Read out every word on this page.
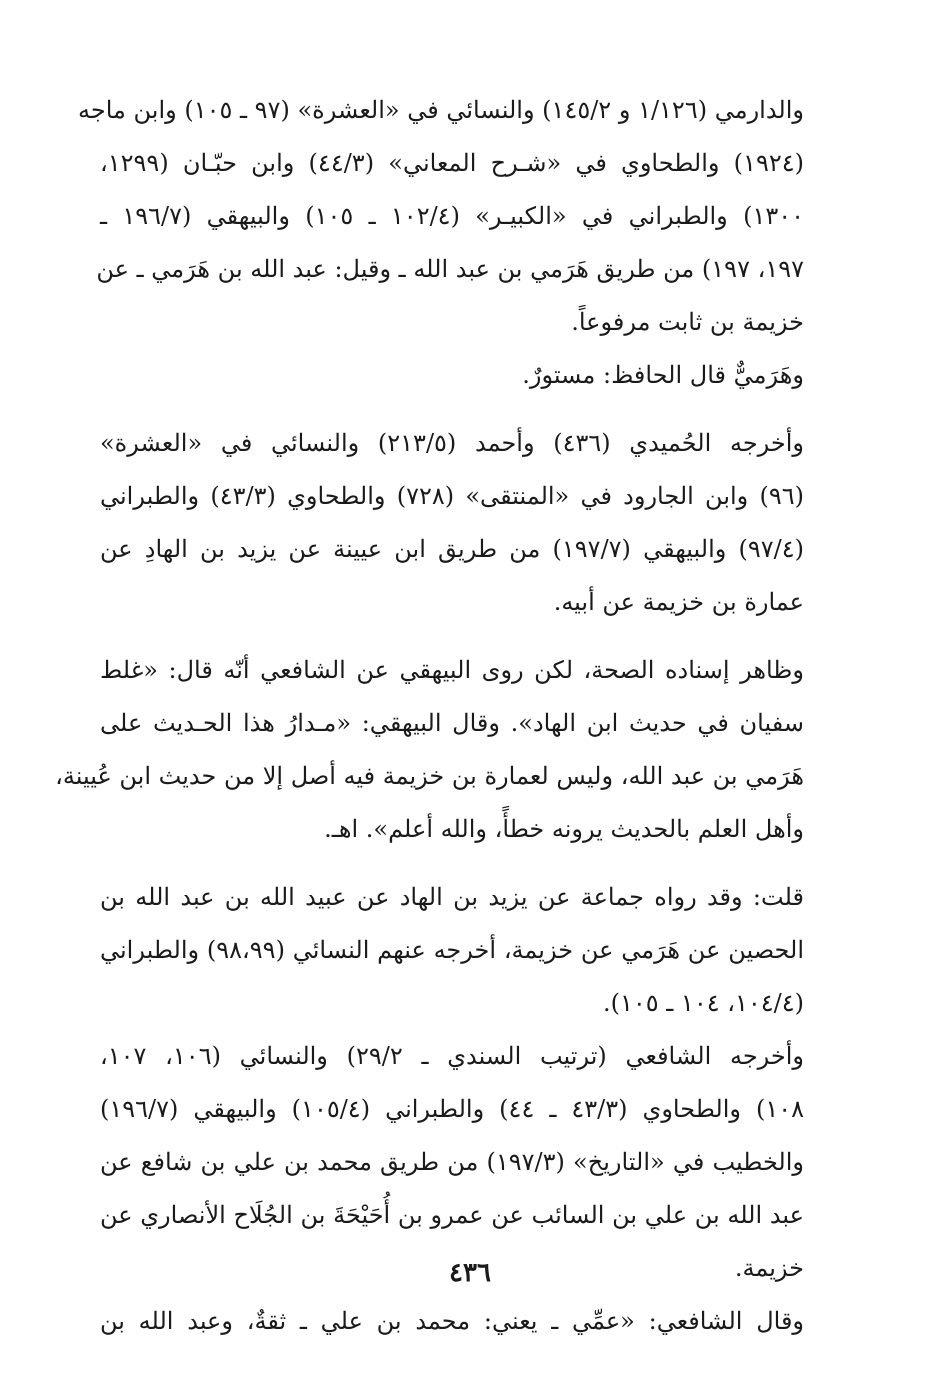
والدارمي (١/١٢٦ و ١٤٥/٢) والنسائي في «العشرة» (٩٧ ـ ١٠٥) وابن ماجه
(١٩٢٤) والطحاوي في «شـرح المعاني» (٤٤/٣) وابن حبّـان (١٢٩٩،
١٣٠٠) والطبراني في «الكبيـر» (١٠٢/٤ ـ ١٠٥) والبيهقي (١٩٦/٧ ـ
١٩٧، ١٩٧) من طريق هَرَمي بن عبد الله ـ وقيل: عبد الله بن هَرَمي ـ عن
خزيمة بن ثابت مرفوعاً.
وهَرَميٌّ قال الحافظ: مستورٌ.
وأخرجه الحُميدي (٤٣٦) وأحمد (٢١٣/٥) والنسائي في «العشرة»
(٩٦) وابن الجارود في «المنتقى» (٧٢٨) والطحاوي (٤٣/٣) والطبراني
(٩٧/٤) والبيهقي (١٩٧/٧) من طريق ابن عيينة عن يزيد بن الهادِ عن
عمارة بن خزيمة عن أبيه.
وظاهر إسناده الصحة، لكن روى البيهقي عن الشافعي أنّه قال: «غلط
سفيان في حديث ابن الهاد». وقال البيهقي: «مـدارُ هذا الحـديث على
هَرَمي بن عبد الله، وليس لعمارة بن خزيمة فيه أصل إلا من حديث ابن عُيينة،
وأهل العلم بالحديث يرونه خطأً، والله أعلم». اهـ.
قلت: وقد رواه جماعة عن يزيد بن الهاد عن عبيد الله بن عبد الله بن
الحصين عن هَرَمي عن خزيمة، أخرجه عنهم النسائي (٩٨،٩٩) والطبراني
(١٠٤/٤، ١٠٤ ـ ١٠٥).
وأخرجه الشافعي (ترتيب السندي ـ ٢٩/٢) والنسائي (١٠٦، ١٠٧،
١٠٨) والطحاوي (٤٣/٣ ـ ٤٤) والطبراني (١٠٥/٤) والبيهقي (١٩٦/٧)
والخطيب في «التاريخ» (١٩٧/٣) من طريق محمد بن علي بن شافع عن
عبد الله بن علي بن السائب عن عمرو بن أُحَيْحَةَ بن الجُلَاح الأنصاري عن
خزيمة.
وقال الشافعي: «عمِّي ـ يعني: محمد بن علي ـ ثقةٌ، وعبد الله بن
٤٣٦
